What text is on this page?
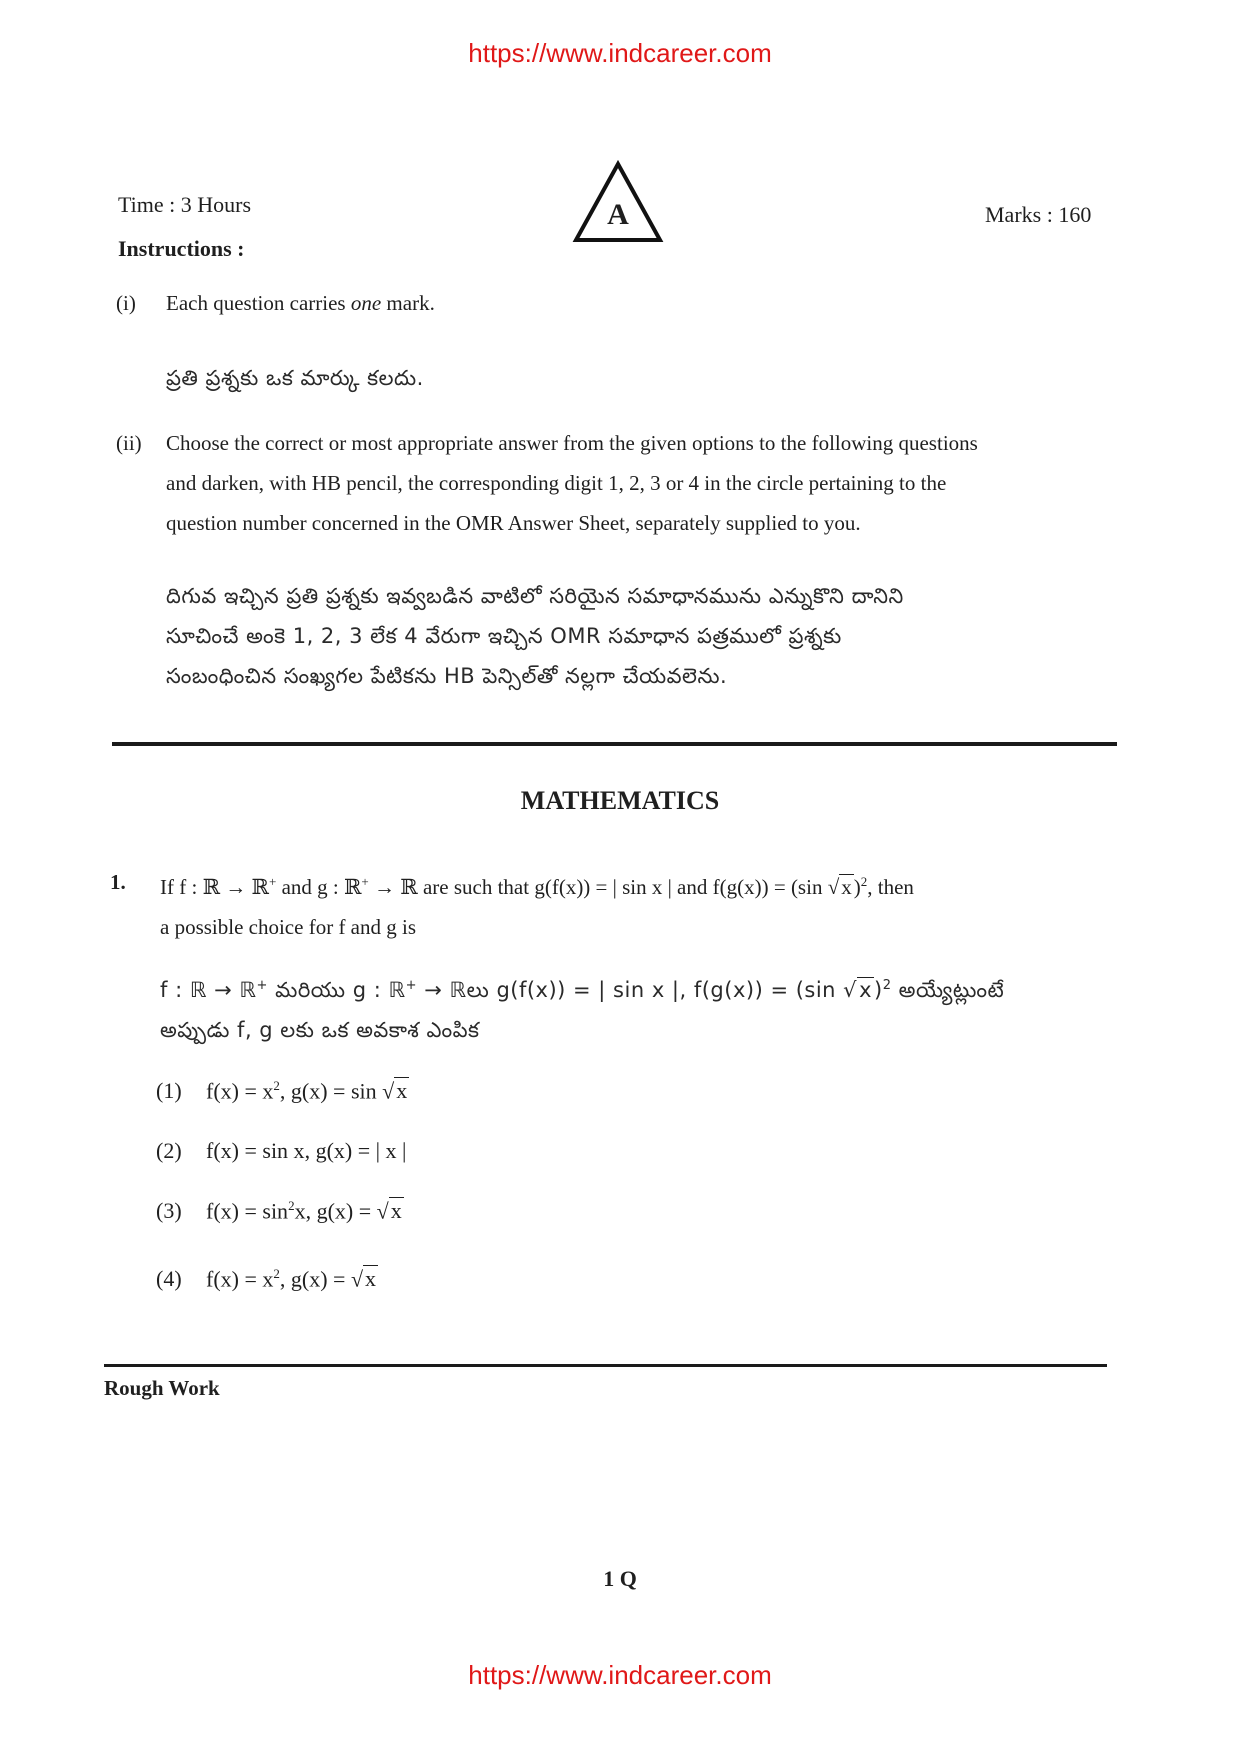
https://www.indcareer.com
Time : 3 Hours	A	Marks : 160
Instructions :
(i) Each question carries one mark.
ప్రతి ప్రశ్నకు ఒక మార్కు కలదు.
(ii) Choose the correct or most appropriate answer from the given options to the following questions
and darken, with HB pencil, the corresponding digit 1, 2, 3 or 4 in the circle pertaining to the
question number concerned in the OMR Answer Sheet, separately supplied to you.
దిగువ ఇచ్చిన ప్రతి ప్రశ్నకు ఇవ్వబడిన వాటిలో సరియైన సమాధానమును ఎన్నుకొని దానిని
సూచించే అంకె 1, 2, 3 లేక 4 వేరుగా ఇచ్చిన OMR సమాధాన పత్రములో ప్రశ్నకు
సంబంధించిన సంఖ్యగల పేటికను HB పెన్సిల్‌తో నల్లగా చేయవలెను.
MATHEMATICS
1. If f : ℝ → ℝ+ and g : ℝ+ → ℝ are such that g(f(x)) = | sin x | and f(g(x)) = (sin √x)$^2$, then
a possible choice for f and g is
f : ℝ → ℝ+ మరియు g : ℝ+ → ℝలు g(f(x)) = | sin x |, f(g(x)) = (sin √x)$^2$ అయ్యేట్లుంటే
అప్పుడు f, g లకు ఒక అవకాశ ఎంపిక
(1) $f(x) = x^2$, g(x) = sin √x
(2) f(x) = sin x, g(x) = | x |
(3) $f(x) = \sin^2x$, g(x) = √x
(4) $f(x) = x^2$, g(x) = √x
Rough Work
1 Q
https://www.indcareer.com
